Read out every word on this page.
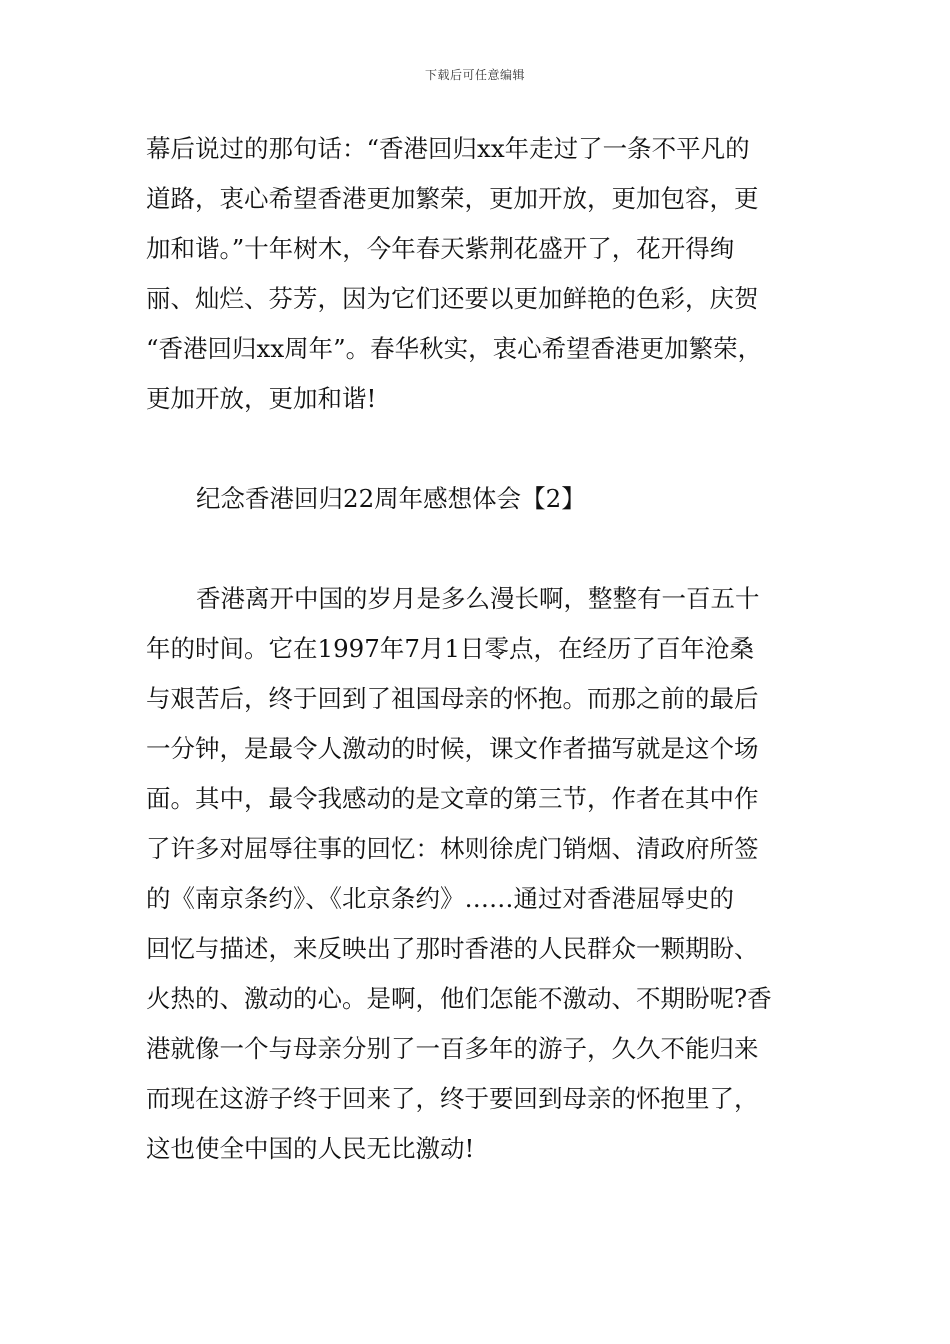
下载后可任意编辑
幕后说过的那句话：“香港回归xx年走过了一条不平凡的
道路，衷心希望香港更加繁荣，更加开放，更加包容，更
加和谐。”十年树木，今年春天紫荆花盛开了，花开得绚
丽、灿烂、芬芳，因为它们还要以更加鲜艳的色彩，庆贺
“香港回归xx周年”。春华秋实，衷心希望香港更加繁荣，
更加开放，更加和谐!
纪念香港回归22周年感想体会【2】
香港离开中国的岁月是多么漫长啊，整整有一百五十
年的时间。它在1997年7月1日零点，在经历了百年沧桑
与艰苦后，终于回到了祖国母亲的怀抱。而那之前的最后
一分钟，是最令人激动的时候，课文作者描写就是这个场
面。其中，最令我感动的是文章的第三节，作者在其中作
了许多对屈辱往事的回忆：林则徐虎门销烟、清政府所签
的《南京条约》、《北京条约》……通过对香港屈辱史的
回忆与描述，来反映出了那时香港的人民群众一颗期盼、
火热的、激动的心。是啊，他们怎能不激动、不期盼呢?香
港就像一个与母亲分别了一百多年的游子，久久不能归来
而现在这游子终于回来了，终于要回到母亲的怀抱里了，
这也使全中国的人民无比激动!
